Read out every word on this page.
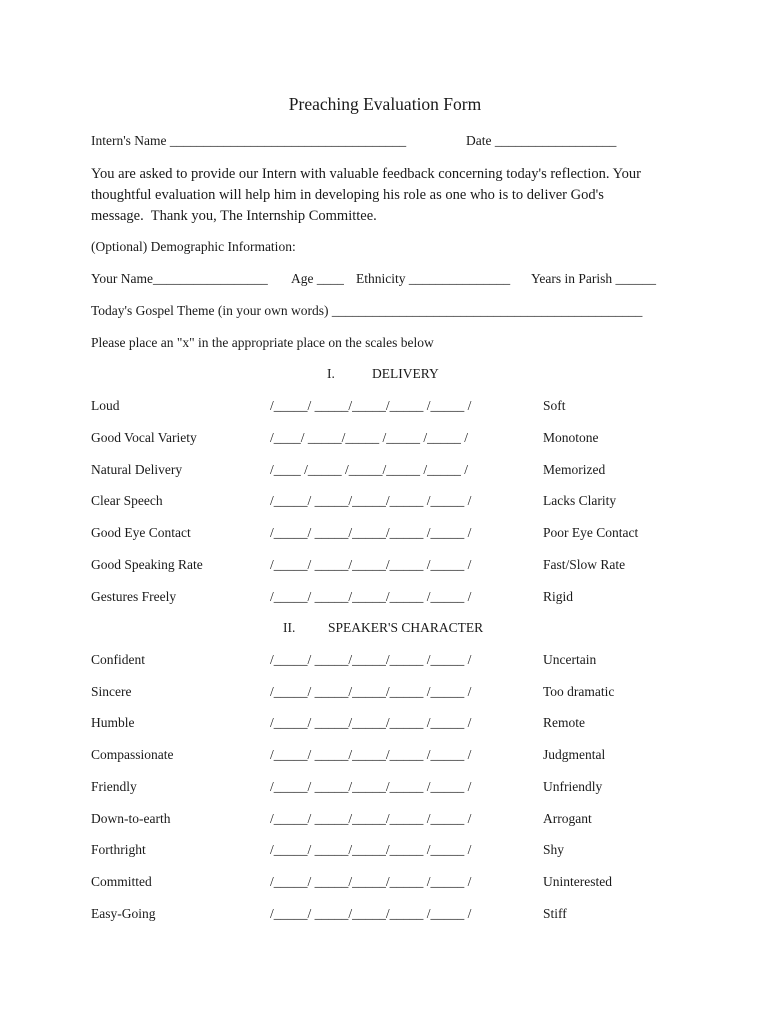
Preaching Evaluation Form
Intern's Name ___________________________________	Date __________________
You are asked to provide our Intern with valuable feedback concerning today's reflection. Your
thoughtful evaluation will help him in developing his role as one who is to deliver God's
message.  Thank you, The Internship Committee.
(Optional) Demographic Information:
Your Name_________________ Age ____ Ethnicity _______________ Years in Parish ______
Today's Gospel Theme (in your own words) ______________________________________________
Please place an "x" in the appropriate place on the scales below
I.	DELIVERY
Loud	/_____/ _____/_____/_____ /_____ /	Soft
Good Vocal Variety	/____/ _____/_____ /_____ /_____ /	Monotone
Natural Delivery	/____ /_____ /_____/_____ /_____ /	Memorized
Clear Speech	/_____/ _____/_____/_____ /_____ /	Lacks Clarity
Good Eye Contact	/_____/ _____/_____/_____ /_____ /	Poor Eye Contact
Good Speaking Rate	/_____/ _____/_____/_____ /_____ /	Fast/Slow Rate
Gestures Freely	/_____/ _____/_____/_____ /_____ /	Rigid
II. SPEAKER'S CHARACTER
Confident	/_____/ _____/_____/_____ /_____ /	Uncertain
Sincere	/_____/ _____/_____/_____ /_____ /	Too dramatic
Humble	/_____/ _____/_____/_____ /_____ /	Remote
Compassionate	/_____/ _____/_____/_____ /_____ /	Judgmental
Friendly	/_____/ _____/_____/_____ /_____ /	Unfriendly
Down-to-earth	/_____/ _____/_____/_____ /_____ /	Arrogant
Forthright	/_____/ _____/_____/_____ /_____ /	Shy
Committed	/_____/ _____/_____/_____ /_____ /	Uninterested
Easy-Going	/_____/ _____/_____/_____ /_____ /	Stiff
